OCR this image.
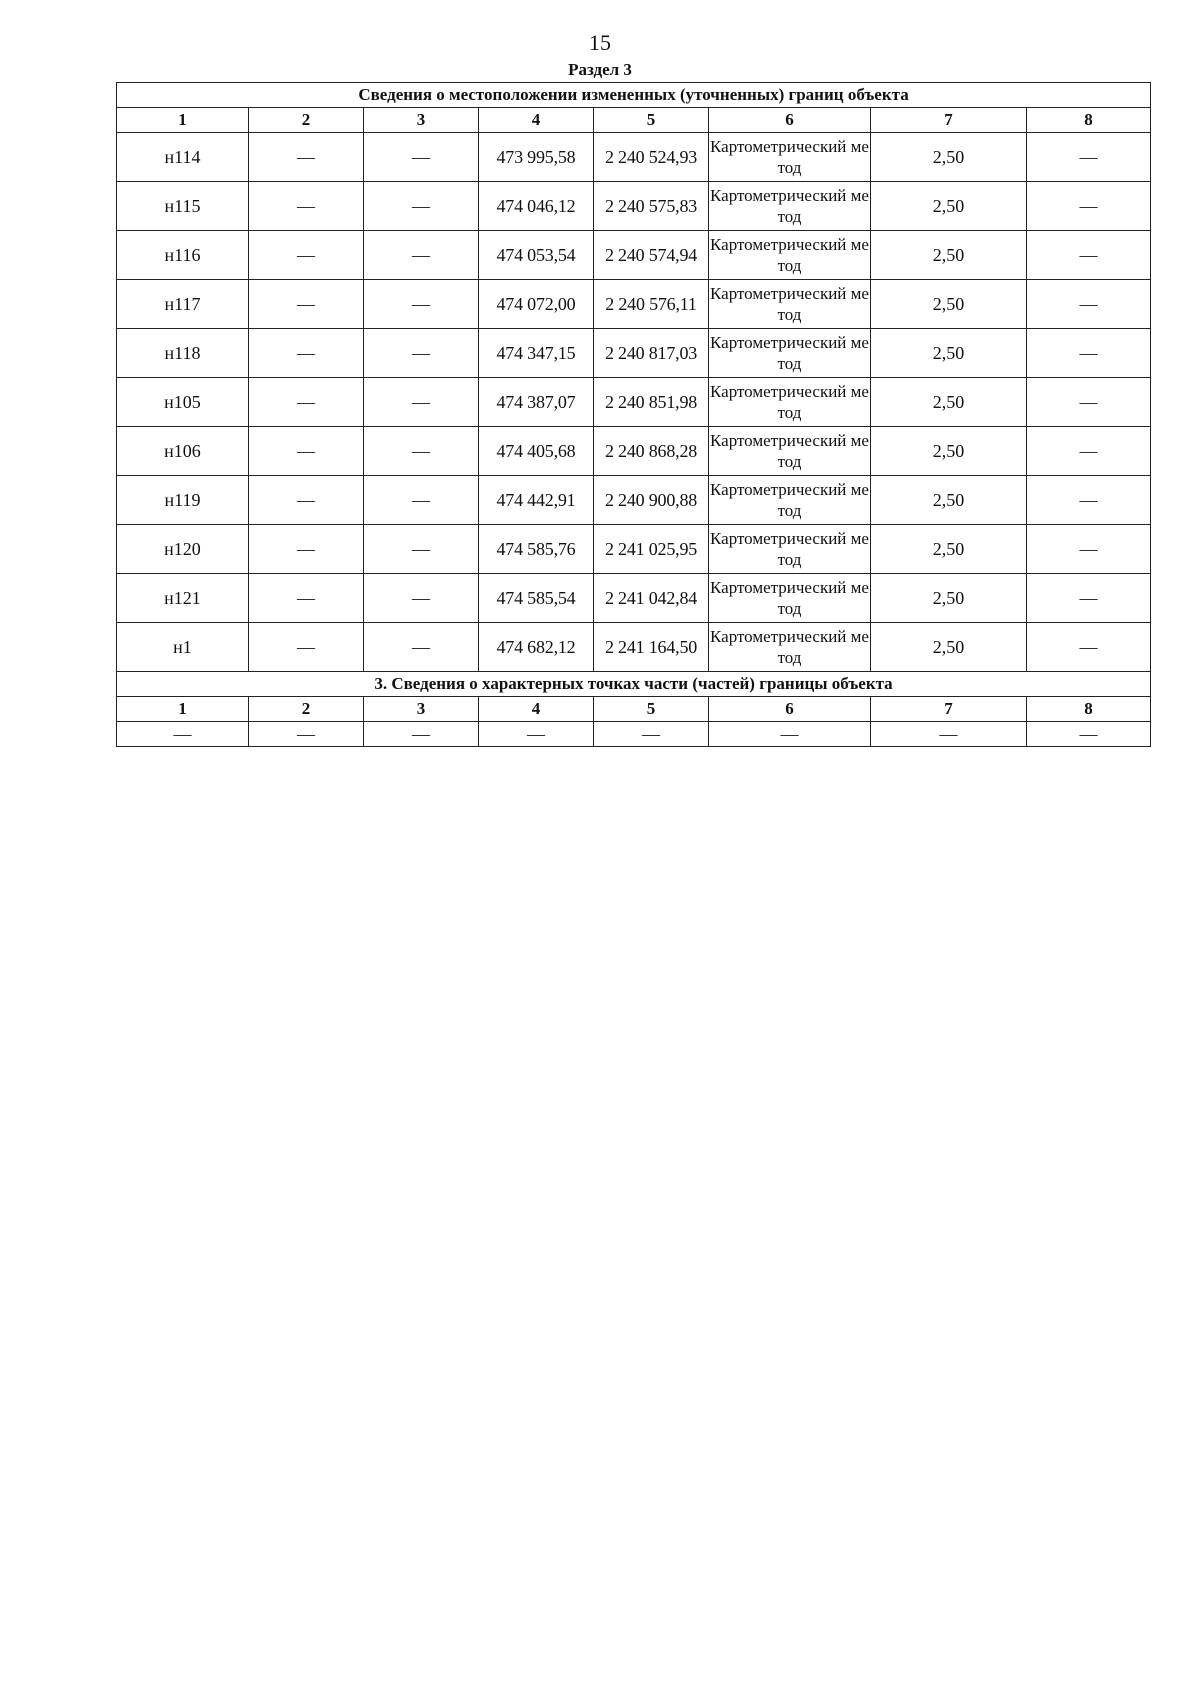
15
Раздел 3
Сведения о местоположении измененных (уточненных) границ объекта							
1	2	3	4	5	6	7	8
н114	—	—	473 995,58	2 240 524,93	Картометрический метод	2,50	—
н115	—	—	474 046,12	2 240 575,83	Картометрический метод	2,50	—
н116	—	—	474 053,54	2 240 574,94	Картометрический метод	2,50	—
н117	—	—	474 072,00	2 240 576,11	Картометрический метод	2,50	—
н118	—	—	474 347,15	2 240 817,03	Картометрический метод	2,50	—
н105	—	—	474 387,07	2 240 851,98	Картометрический метод	2,50	—
н106	—	—	474 405,68	2 240 868,28	Картометрический метод	2,50	—
н119	—	—	474 442,91	2 240 900,88	Картометрический метод	2,50	—
н120	—	—	474 585,76	2 241 025,95	Картометрический метод	2,50	—
н121	—	—	474 585,54	2 241 042,84	Картометрический метод	2,50	—
н1	—	—	474 682,12	2 241 164,50	Картометрический метод	2,50	—
3. Сведения о характерных точках части (частей) границы объекта							
1	2	3	4	5	6	7	8
—	—	—	—	—	—	—	—
